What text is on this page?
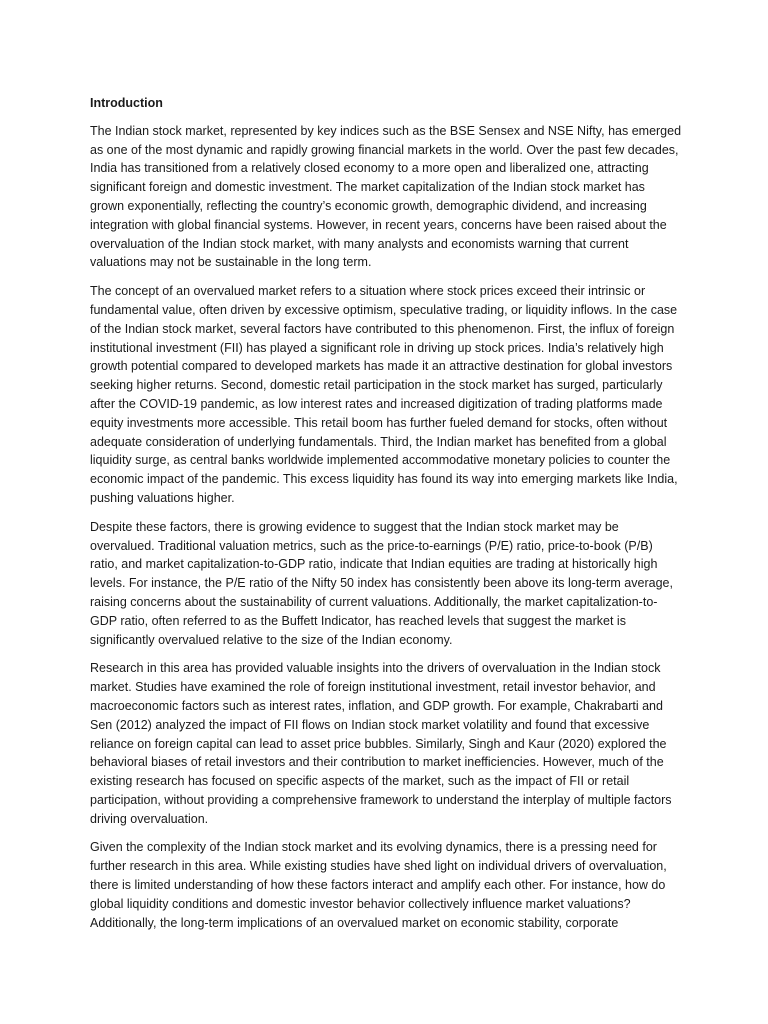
Introduction

The Indian stock market, represented by key indices such as the BSE Sensex and NSE Nifty, has emerged as one of the most dynamic and rapidly growing financial markets in the world. Over the past few decades, India has transitioned from a relatively closed economy to a more open and liberalized one, attracting significant foreign and domestic investment. The market capitalization of the Indian stock market has grown exponentially, reflecting the country’s economic growth, demographic dividend, and increasing integration with global financial systems. However, in recent years, concerns have been raised about the overvaluation of the Indian stock market, with many analysts and economists warning that current valuations may not be sustainable in the long term.

The concept of an overvalued market refers to a situation where stock prices exceed their intrinsic or fundamental value, often driven by excessive optimism, speculative trading, or liquidity inflows. In the case of the Indian stock market, several factors have contributed to this phenomenon. First, the influx of foreign institutional investment (FII) has played a significant role in driving up stock prices. India’s relatively high growth potential compared to developed markets has made it an attractive destination for global investors seeking higher returns. Second, domestic retail participation in the stock market has surged, particularly after the COVID-19 pandemic, as low interest rates and increased digitization of trading platforms made equity investments more accessible. This retail boom has further fueled demand for stocks, often without adequate consideration of underlying fundamentals. Third, the Indian market has benefited from a global liquidity surge, as central banks worldwide implemented accommodative monetary policies to counter the economic impact of the pandemic. This excess liquidity has found its way into emerging markets like India, pushing valuations higher.

Despite these factors, there is growing evidence to suggest that the Indian stock market may be overvalued. Traditional valuation metrics, such as the price-to-earnings (P/E) ratio, price-to-book (P/B) ratio, and market capitalization-to-GDP ratio, indicate that Indian equities are trading at historically high levels. For instance, the P/E ratio of the Nifty 50 index has consistently been above its long-term average, raising concerns about the sustainability of current valuations. Additionally, the market capitalization-to-GDP ratio, often referred to as the Buffett Indicator, has reached levels that suggest the market is significantly overvalued relative to the size of the Indian economy.

Research in this area has provided valuable insights into the drivers of overvaluation in the Indian stock market. Studies have examined the role of foreign institutional investment, retail investor behavior, and macroeconomic factors such as interest rates, inflation, and GDP growth. For example, Chakrabarti and Sen (2012) analyzed the impact of FII flows on Indian stock market volatility and found that excessive reliance on foreign capital can lead to asset price bubbles. Similarly, Singh and Kaur (2020) explored the behavioral biases of retail investors and their contribution to market inefficiencies. However, much of the existing research has focused on specific aspects of the market, such as the impact of FII or retail participation, without providing a comprehensive framework to understand the interplay of multiple factors driving overvaluation.

Given the complexity of the Indian stock market and its evolving dynamics, there is a pressing need for further research in this area. While existing studies have shed light on individual drivers of overvaluation, there is limited understanding of how these factors interact and amplify each other. For instance, how do global liquidity conditions and domestic investor behavior collectively influence market valuations? Additionally, the long-term implications of an overvalued market on economic stability, corporate
